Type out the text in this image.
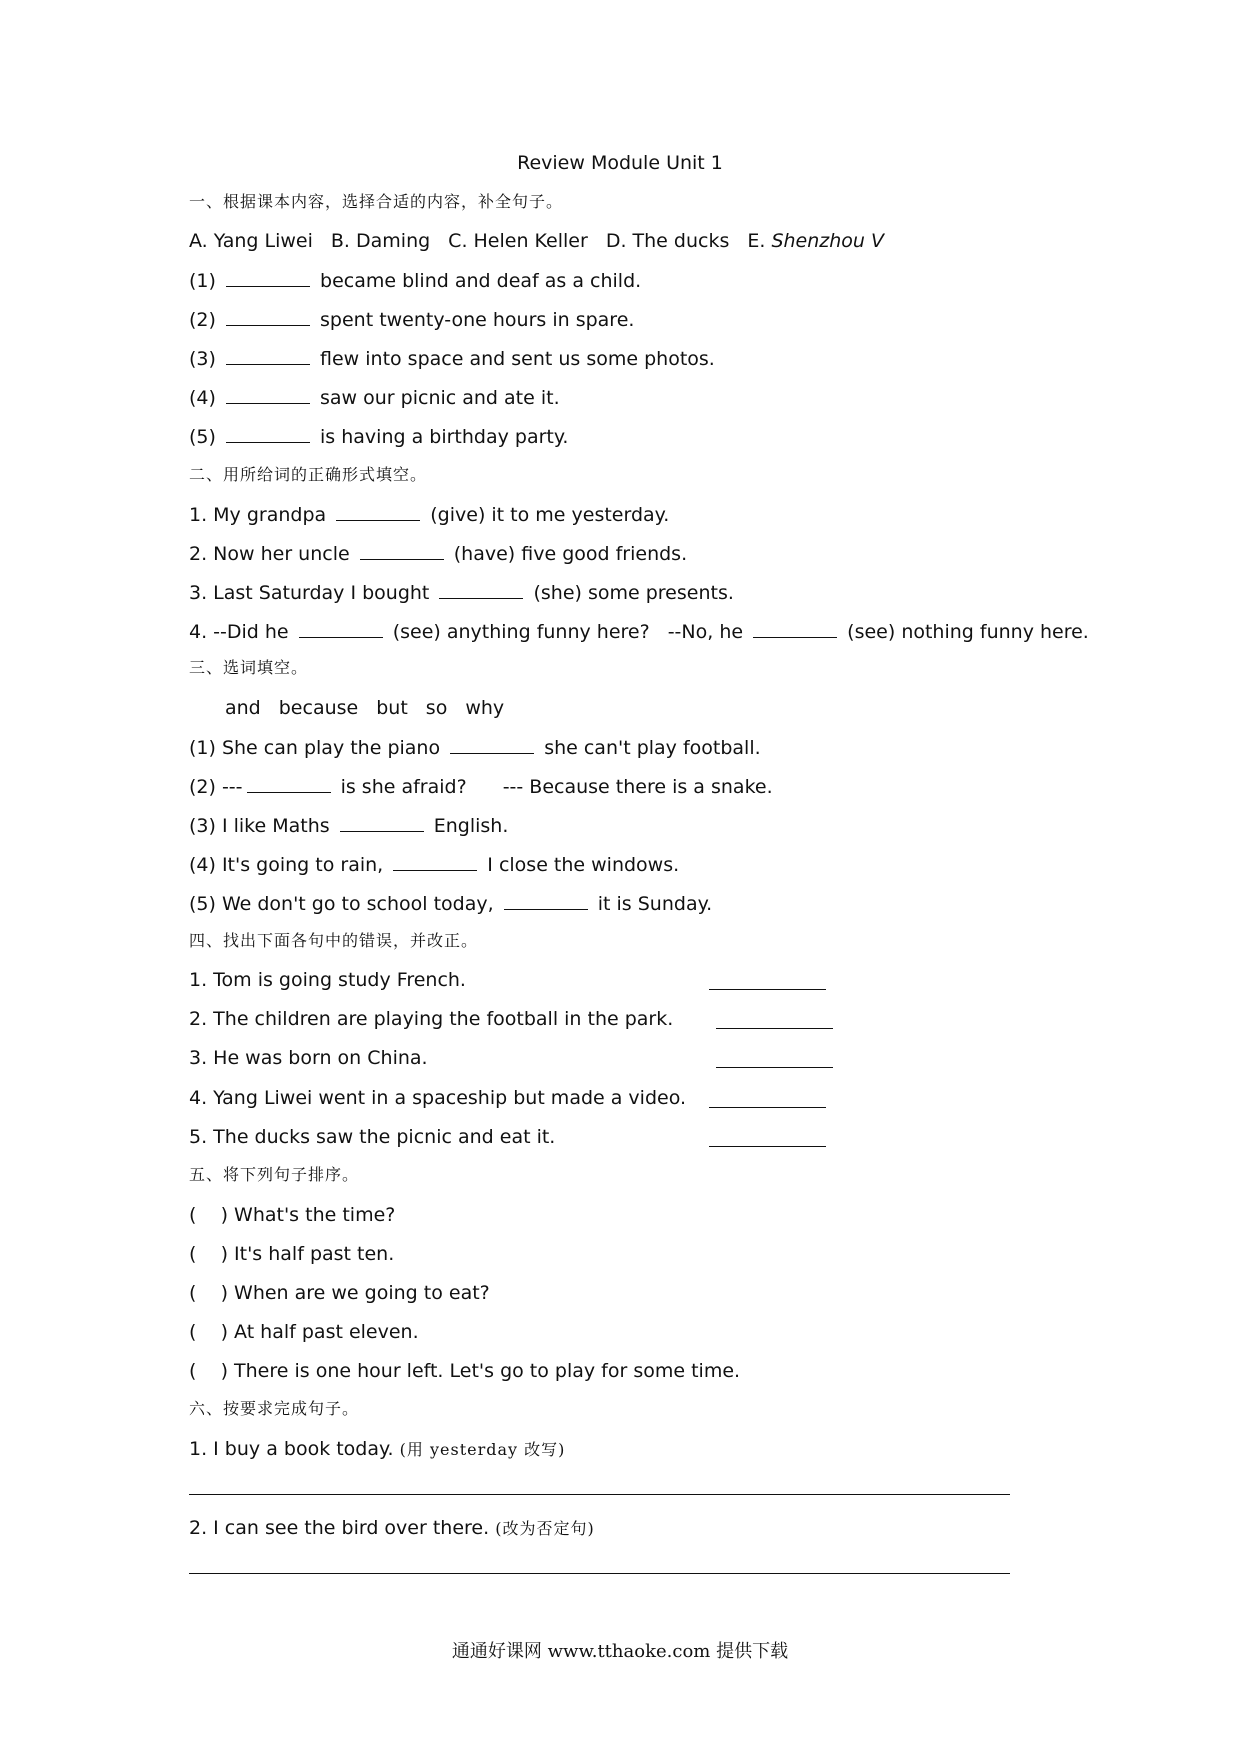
Review Module Unit 1
一、根据课本内容，选择合适的内容，补全句子。
A. Yang Liwei B. Daming C. Helen Keller D. The ducks E. Shenzhou V
(1)	became blind and deaf as a child.
(2)	spent twenty-one hours in spare.
(3)	flew into space and sent us some photos.
(4)	saw our picnic and ate it.
(5)	is having a birthday party.
二、用所给词的正确形式填空。
1. My grandpa	(give) it to me yesterday.
2. Now her uncle	(have) five good friends.
3. Last Saturday I bought	(she) some presents.
4. --Did he	(see) anything funny here? --No, he	(see) nothing funny here.
三、选词填空。
and because but so why
(1) She can play the piano	she can't play football.
(2) ---	is she afraid? --- Because there is a snake.
(3) I like Maths	English.
(4) It's going to rain,	I close the windows.
(5) We don't go to school today,	it is Sunday.
四、找出下面各句中的错误，并改正。
1. Tom is going study French.
2. The children are playing the football in the park.
3. He was born on China.
4. Yang Liwei went in a spaceship but made a video.
5. The ducks saw the picnic and eat it.
五、将下列句子排序。
(    ) What's the time?
(    ) It's half past ten.
(    ) When are we going to eat?
(    ) At half past eleven.
(    ) There is one hour left. Let's go to play for some time.
六、按要求完成句子。
1. I buy a book today. (用 yesterday 改写)
2. I can see the bird over there. (改为否定句)
通通好课网 www.tthaoke.com 提供下载
